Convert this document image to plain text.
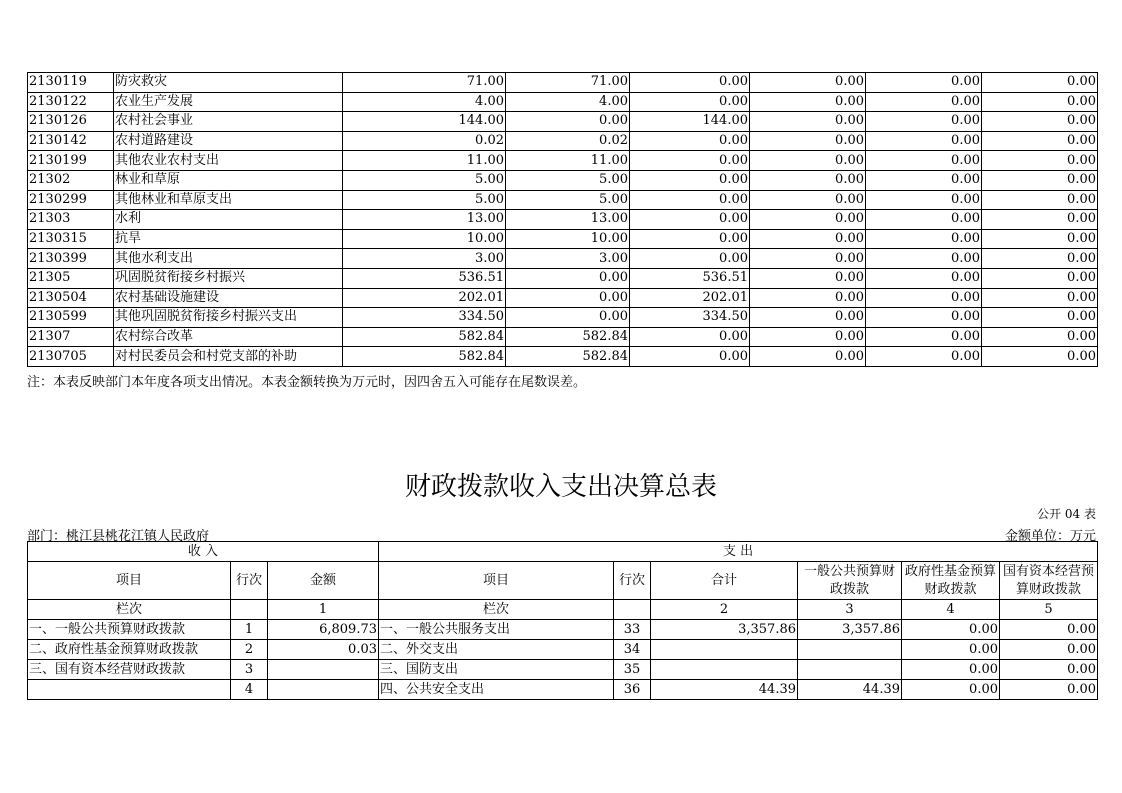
2130119	防灾救灾	71.00	71.00	0.00	0.00	0.00	0.00
2130122	农业生产发展	4.00	4.00	0.00	0.00	0.00	0.00
2130126	农村社会事业	144.00	0.00	144.00	0.00	0.00	0.00
2130142	农村道路建设	0.02	0.02	0.00	0.00	0.00	0.00
2130199	其他农业农村支出	11.00	11.00	0.00	0.00	0.00	0.00
21302	林业和草原	5.00	5.00	0.00	0.00	0.00	0.00
2130299	其他林业和草原支出	5.00	5.00	0.00	0.00	0.00	0.00
21303	水利	13.00	13.00	0.00	0.00	0.00	0.00
2130315	抗旱	10.00	10.00	0.00	0.00	0.00	0.00
2130399	其他水利支出	3.00	3.00	0.00	0.00	0.00	0.00
21305	巩固脱贫衔接乡村振兴	536.51	0.00	536.51	0.00	0.00	0.00
2130504	农村基础设施建设	202.01	0.00	202.01	0.00	0.00	0.00
2130599	其他巩固脱贫衔接乡村振兴支出	334.50	0.00	334.50	0.00	0.00	0.00
21307	农村综合改革	582.84	582.84	0.00	0.00	0.00	0.00
2130705	对村民委员会和村党支部的补助	582.84	582.84	0.00	0.00	0.00	0.00
注：本表反映部门本年度各项支出情况。本表金额转换为万元时，因四舍五入可能存在尾数误差。
财政拨款收入支出决算总表
公开 04 表
部门：桃江县桃花江镇人民政府	金额单位：万元
收 入			支 出					
项目	行次	金额	项目	行次	合计	一般公共预算财政拨款	政府性基金预算财政拨款	国有资本经营预算财政拨款
栏次		1	栏次		2	3	4	5
一、一般公共预算财政拨款	1	6,809.73	一、一般公共服务支出	33	3,357.86	3,357.86	0.00	0.00
二、政府性基金预算财政拨款	2	0.03	二、外交支出	34			0.00	0.00
三、国有资本经营财政拨款	3		三、国防支出	35			0.00	0.00
	4		四、公共安全支出	36	44.39	44.39	0.00	0.00
